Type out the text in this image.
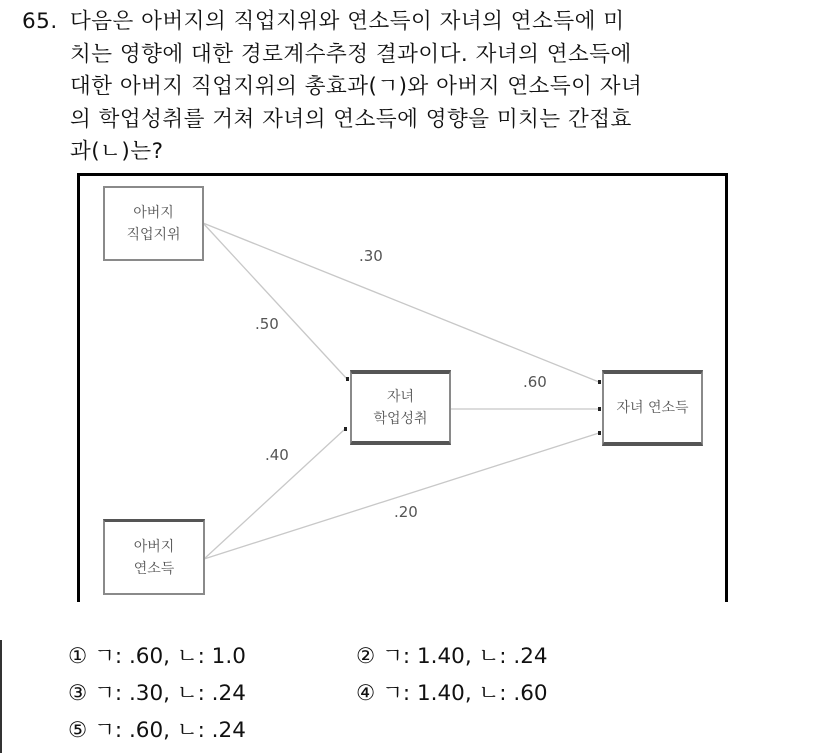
65. 다음은 아버지의 직업지위와 연소득이 자녀의 연소득에 미
치는 영향에 대한 경로계수추정 결과이다. 자녀의 연소득에
대한 아버지 직업지위의 총효과(ㄱ)와 아버지 연소득이 자녀
의 학업성취를 거쳐 자녀의 연소득에 영향을 미치는 간접효
과(ㄴ)는?
아버지
직업지위
자녀
학업성취
자녀 연소득
아버지
연소득
.30
.50
.60
.40
.20
① ㄱ: .60, ㄴ: 1.0	② ㄱ: 1.40, ㄴ: .24
③ ㄱ: .30, ㄴ: .24	④ ㄱ: 1.40, ㄴ: .60
⑤ ㄱ: .60, ㄴ: .24
